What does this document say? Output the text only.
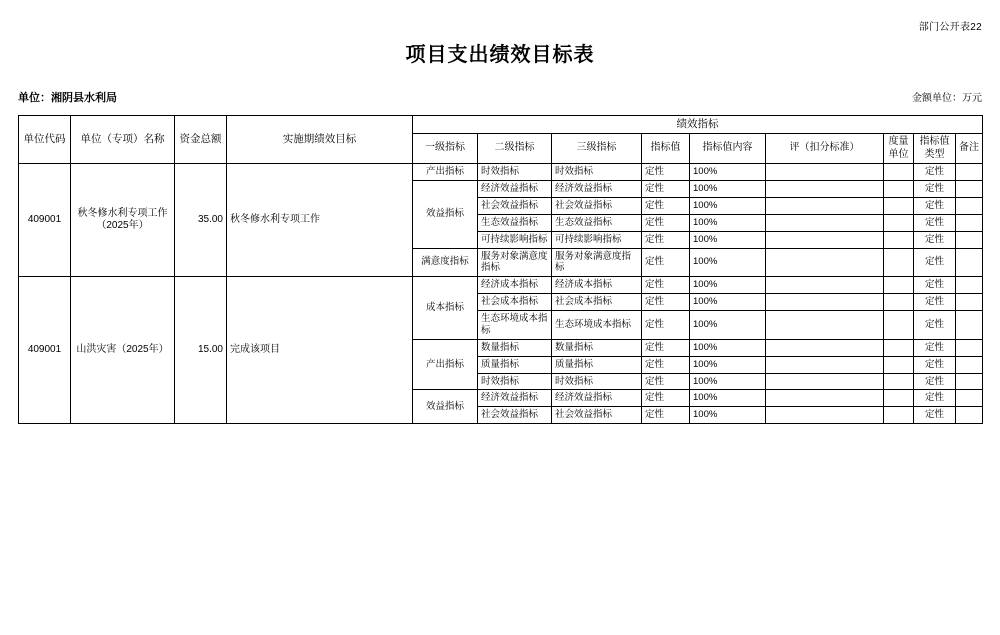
部门公开表22
项目支出绩效目标表
单位：湘阴县水利局	金额单位：万元
单位代码	单位（专项）名称	资金总额	实施期绩效目标	绩效指标								
				一级指标	二级指标	三级指标	指标值	指标值内容	评（扣分标准）	度量单位	指标值类型	备注
409001	秋冬修水利专项工作（2025年）	35.00	秋冬修水利专项工作	产出指标	时效指标	时效指标	定性	100%			定性	
				效益指标	经济效益指标	经济效益指标	定性	100%			定性	
					社会效益指标	社会效益指标	定性	100%			定性	
					生态效益指标	生态效益指标	定性	100%			定性	
					可持续影响指标	可持续影响指标	定性	100%			定性	
				满意度指标	服务对象满意度指标	服务对象满意度指标	定性	100%			定性	
409001	山洪灾害（2025年）	15.00	完成该项目	成本指标	经济成本指标	经济成本指标	定性	100%			定性	
					社会成本指标	社会成本指标	定性	100%			定性	
					生态环境成本指标	生态环境成本指标	定性	100%			定性	
				产出指标	数量指标	数量指标	定性	100%			定性	
					质量指标	质量指标	定性	100%			定性	
					时效指标	时效指标	定性	100%			定性	
				效益指标	经济效益指标	经济效益指标	定性	100%			定性	
					社会效益指标	社会效益指标	定性	100%			定性	
